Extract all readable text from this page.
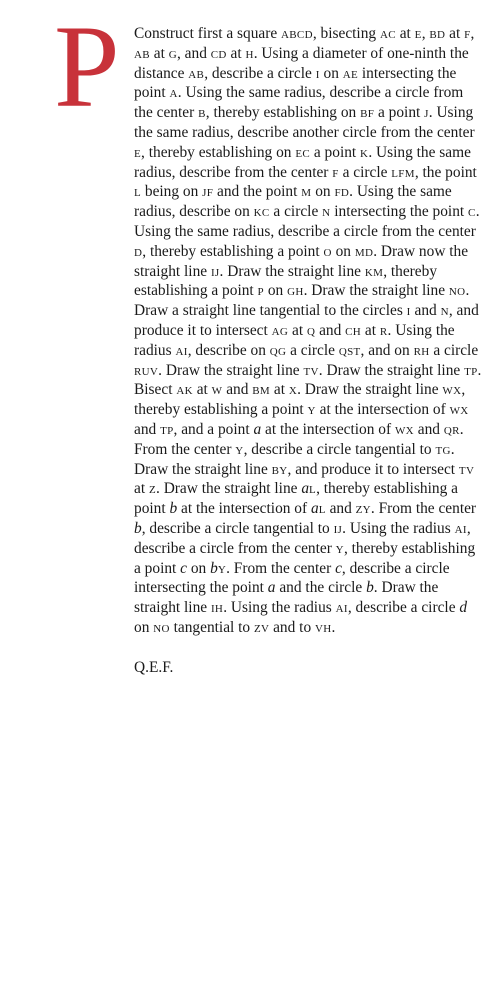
P Construct first a square abcd, bisecting ac at e, bd at f, ab at g, and cd at h. Using a diameter of one-ninth the distance ab, describe a circle i on ae intersecting the point a. Using the same radius, describe a circle from the center b, thereby establishing on bf a point j. Using the same radius, describe another circle from the center e, thereby establishing on ec a point k. Using the same radius, describe from the center f a circle lfm, the point l being on jf and the point m on fd. Using the same radius, describe on kc a circle n intersecting the point c. Using the same radius, describe a circle from the center d, thereby establishing a point o on md. Draw now the straight line ij. Draw the straight line km, thereby establishing a point p on gh. Draw the straight line no. Draw a straight line tangential to the circles i and n, and produce it to intersect ag at q and ch at r. Using the radius ai, describe on qg a circle qst, and on rh a circle ruv. Draw the straight line tv. Draw the straight line tp. Bisect ak at w and bm at x. Draw the straight line wx, thereby establishing a point y at the intersection of wx and tp, and a point a at the intersection of wx and qr. From the center y, describe a circle tangential to tg. Draw the straight line by, and produce it to intersect tv at z. Draw the straight line al, thereby establishing a point b at the intersection of al and zy. From the center b, describe a circle tangential to ij. Using the radius ai, describe a circle from the center y, thereby establishing a point c on by. From the center c, describe a circle intersecting the point a and the circle b. Draw the straight line ih. Using the radius ai, describe a circle d on no tangential to zv and to vh.

Q.E.F.
